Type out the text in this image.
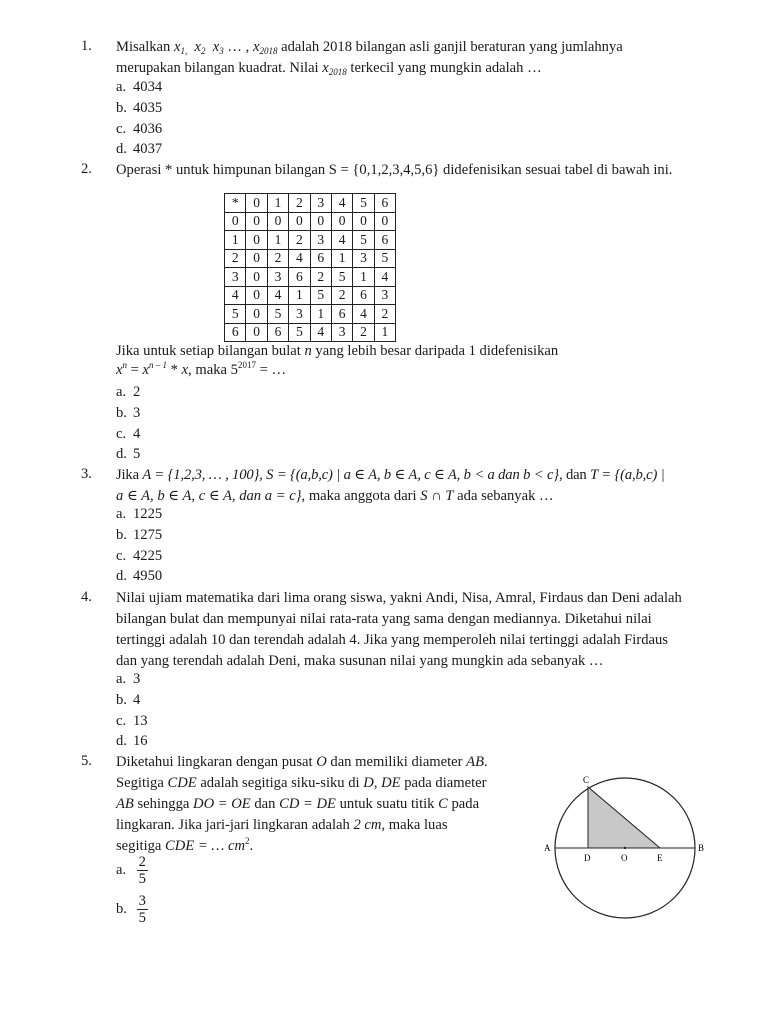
1. Misalkan $x_{1,}$ $x_2$ $x_3$ … , $x_{2018}$ adalah 2018 bilangan asli ganjil beraturan yang jumlahnya
merupakan bilangan kuadrat. Nilai $x_{2018}$ terkecil yang mungkin adalah …
a. 4034
b. 4035
c. 4036
d. 4037
2. Operasi * untuk himpunan bilangan S = {0,1,2,3,4,5,6} didefenisikan sesuai tabel di bawah ini.
*	0	1	2	3	4	5	6
0	0	0	0	0	0	0	0
1	0	1	2	3	4	5	6
2	0	2	4	6	1	3	5
3	0	3	6	2	5	1	4
4	0	4	1	5	2	6	3
5	0	5	3	1	6	4	2
6	0	6	5	4	3	2	1
Jika untuk setiap bilangan bulat n yang lebih besar daripada 1 didefenisikan
$x^n = x^{n - 1} * x$, maka $5^{2017}$ = …
a. 2
b. 3
c. 4
d. 5
3. Jika A = {1,2,3, … , 100}, S = {(a,b,c) | a ∈ A, b ∈ A, c ∈ A, b < a dan b < c}, dan T = {(a,b,c) |
a ∈ A, b ∈ A, c ∈ A, dan a = c}, maka anggota dari S ∩ T ada sebanyak …
a. 1225
b. 1275
c. 4225
d. 4950
4. Nilai ujiam matematika dari lima orang siswa, yakni Andi, Nisa, Amral, Firdaus dan Deni adalah
bilangan bulat dan mempunyai nilai rata-rata yang sama dengan mediannya. Diketahui nilai
tertinggi adalah 10 dan terendah adalah 4. Jika yang memperoleh nilai tertinggi adalah Firdaus
dan yang terendah adalah Deni, maka susunan nilai yang mungkin ada sebanyak …
a. 3
b. 4
c. 13
d. 16
5. Diketahui lingkaran dengan pusat O dan memiliki diameter AB.
Segitiga CDE adalah segitiga siku-siku di D, DE pada diameter
AB sehingga DO = OE dan CD = DE untuk suatu titik C pada
lingkaran. Jika jari-jari lingkaran adalah 2 cm, maka luas
segitiga CDE = … $cm^2$.
a. $\frac{2}{5}$
b. $\frac{3}{5}$
C
A	B
D	O	E
